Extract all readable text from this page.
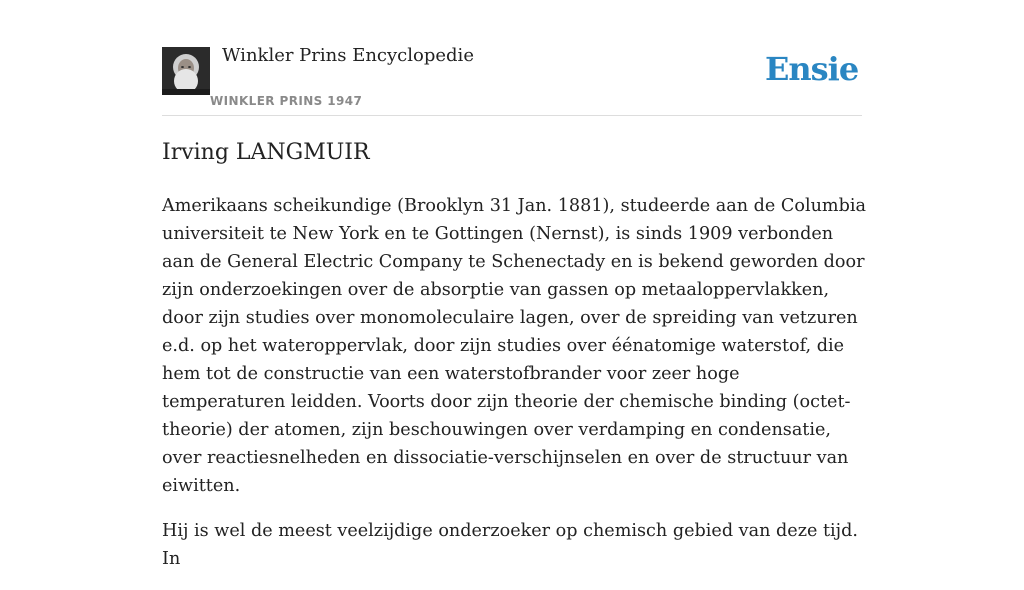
Winkler Prins Encyclopedie
WINKLER PRINS 1947
Ensie
Irving LANGMUIR

Amerikaans scheikundige (Brooklyn 31 Jan. 1881), studeerde aan de Columbia universiteit te New York en te Gottingen (Nernst), is sinds 1909 verbonden aan de General Electric Company te Schenectady en is bekend geworden door zijn onderzoekingen over de absorptie van gassen op metaaloppervlakken, door zijn studies over monomoleculaire lagen, over de spreiding van vetzuren e.d. op het wateroppervlak, door zijn studies over éénatomige waterstof, die hem tot de constructie van een waterstofbrander voor zeer hoge temperaturen leidden. Voorts door zijn theorie der chemische binding (octet-theorie) der atomen, zijn beschouwingen over verdamping en condensatie, over reactiesnelheden en dissociatie-verschijnselen en over de structuur van eiwitten.

Hij is wel de meest veelzijdige onderzoeker op chemisch gebied van deze tijd. In
